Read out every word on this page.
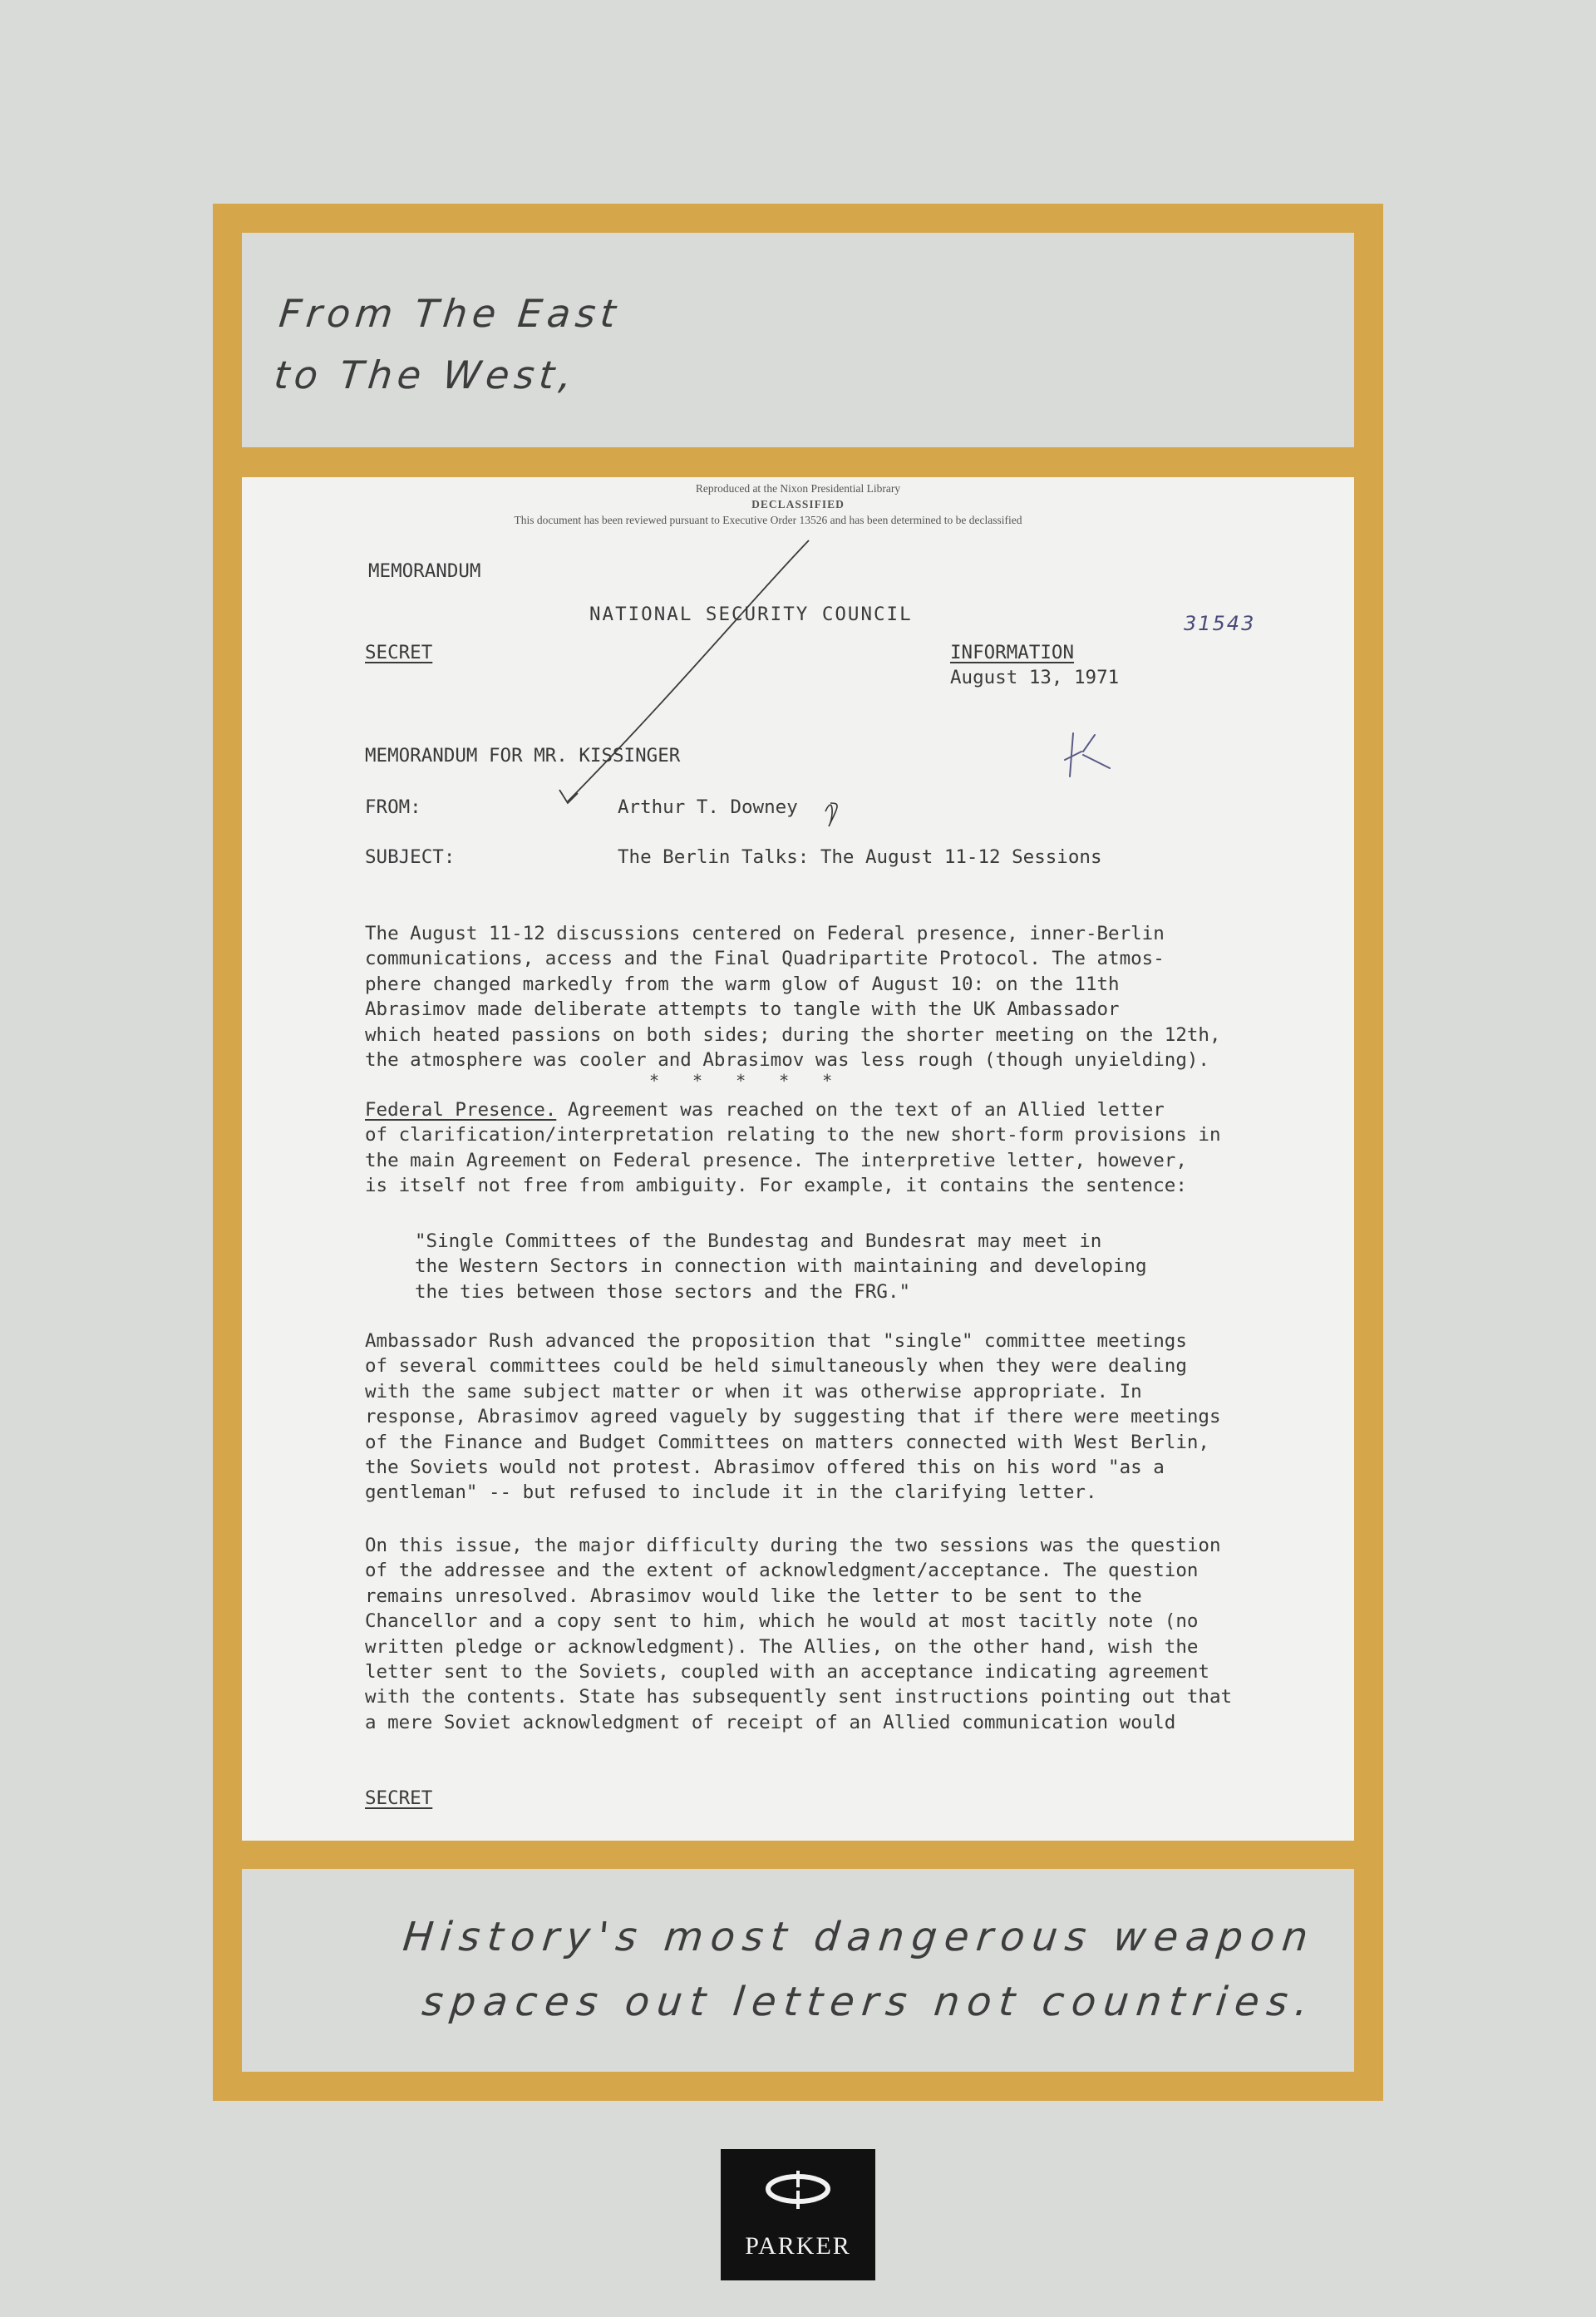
From The East
to The West,
Reproduced at the Nixon Presidential Library
DECLASSIFIED
This document has been reviewed pursuant to Executive Order 13526 and has been determined to be declassified
MEMORANDUM
NATIONAL SECURITY COUNCIL	31543
SECRET	INFORMATION
August 13, 1971
MEMORANDUM FOR MR. KISSINGER
FROM:	Arthur T. Downey
SUBJECT:	The Berlin Talks: The August 11-12 Sessions
The August 11-12 discussions centered on Federal presence, inner-Berlin
communications, access and the Final Quadripartite Protocol. The atmos-
phere changed markedly from the warm glow of August 10: on the 11th
Abrasimov made deliberate attempts to tangle with the UK Ambassador
which heated passions on both sides; during the shorter meeting on the 12th,
the atmosphere was cooler and Abrasimov was less rough (though unyielding).
*****
Federal Presence. Agreement was reached on the text of an Allied letter
of clarification/interpretation relating to the new short-form provisions in
the main Agreement on Federal presence. The interpretive letter, however,
is itself not free from ambiguity. For example, it contains the sentence:
"Single Committees of the Bundestag and Bundesrat may meet in
the Western Sectors in connection with maintaining and developing
the ties between those sectors and the FRG."
Ambassador Rush advanced the proposition that "single" committee meetings
of several committees could be held simultaneously when they were dealing
with the same subject matter or when it was otherwise appropriate. In
response, Abrasimov agreed vaguely by suggesting that if there were meetings
of the Finance and Budget Committees on matters connected with West Berlin,
the Soviets would not protest. Abrasimov offered this on his word "as a
gentleman" -- but refused to include it in the clarifying letter.
On this issue, the major difficulty during the two sessions was the question
of the addressee and the extent of acknowledgment/acceptance. The question
remains unresolved. Abrasimov would like the letter to be sent to the
Chancellor and a copy sent to him, which he would at most tacitly note (no
written pledge or acknowledgment). The Allies, on the other hand, wish the
letter sent to the Soviets, coupled with an acceptance indicating agreement
with the contents. State has subsequently sent instructions pointing out that
a mere Soviet acknowledgment of receipt of an Allied communication would
SECRET
History's most dangerous weapon
spaces out letters not countries.
PARKER
